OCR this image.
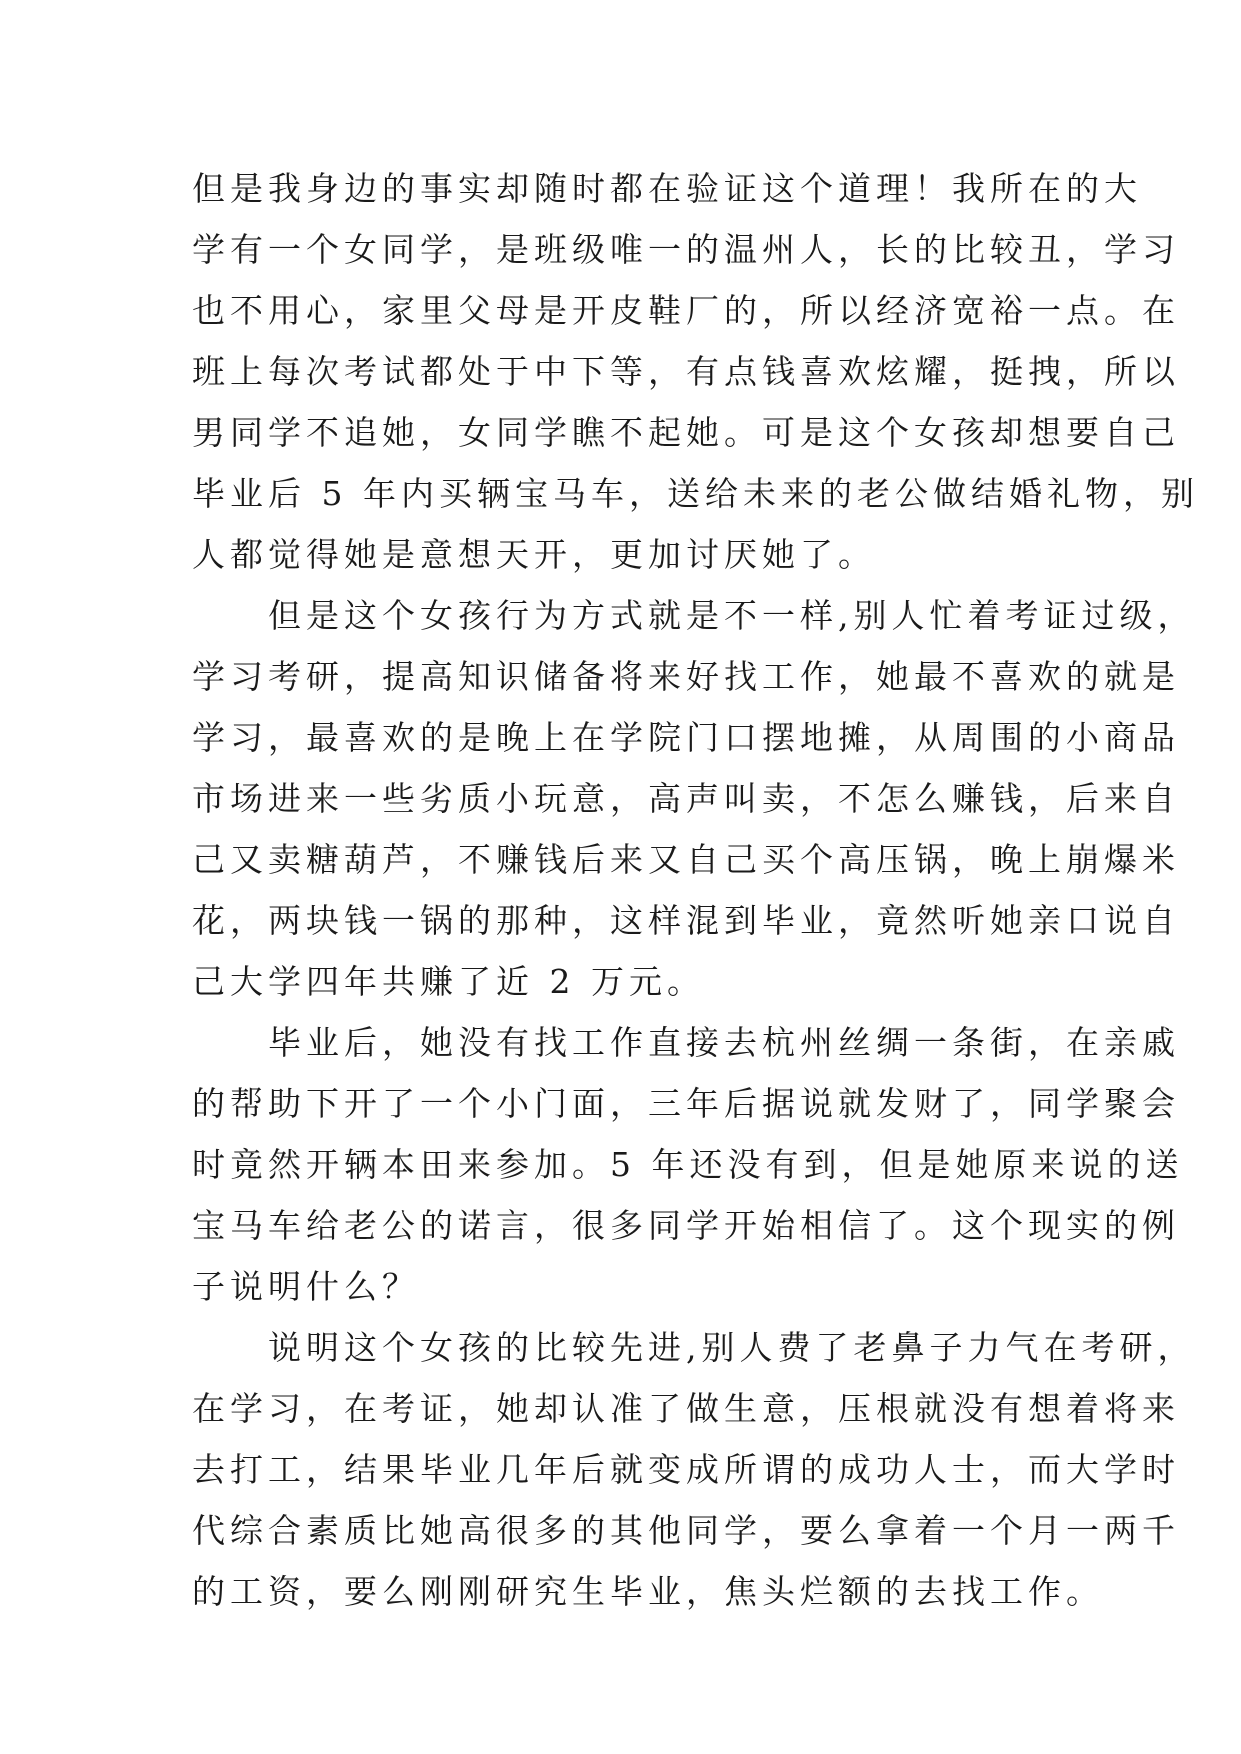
但是我身边的事实却随时都在验证这个道理！我所在的大
学有一个女同学，是班级唯一的温州人，长的比较丑，学习
也不用心，家里父母是开皮鞋厂的，所以经济宽裕一点。在
班上每次考试都处于中下等，有点钱喜欢炫耀，挺拽，所以
男同学不追她，女同学瞧不起她。可是这个女孩却想要自己
毕业后 5 年内买辆宝马车，送给未来的老公做结婚礼物，别
人都觉得她是意想天开，更加讨厌她了。

但是这个女孩行为方式就是不一样,别人忙着考证过级，
学习考研，提高知识储备将来好找工作，她最不喜欢的就是
学习，最喜欢的是晚上在学院门口摆地摊，从周围的小商品
市场进来一些劣质小玩意，高声叫卖，不怎么赚钱，后来自
己又卖糖葫芦，不赚钱后来又自己买个高压锅，晚上崩爆米
花，两块钱一锅的那种，这样混到毕业，竟然听她亲口说自
己大学四年共赚了近 2 万元。

毕业后，她没有找工作直接去杭州丝绸一条街，在亲戚
的帮助下开了一个小门面，三年后据说就发财了，同学聚会
时竟然开辆本田来参加。5 年还没有到，但是她原来说的送
宝马车给老公的诺言，很多同学开始相信了。这个现实的例
子说明什么？

说明这个女孩的比较先进,别人费了老鼻子力气在考研，
在学习，在考证，她却认准了做生意，压根就没有想着将来
去打工，结果毕业几年后就变成所谓的成功人士，而大学时
代综合素质比她高很多的其他同学，要么拿着一个月一两千
的工资，要么刚刚研究生毕业，焦头烂额的去找工作。
